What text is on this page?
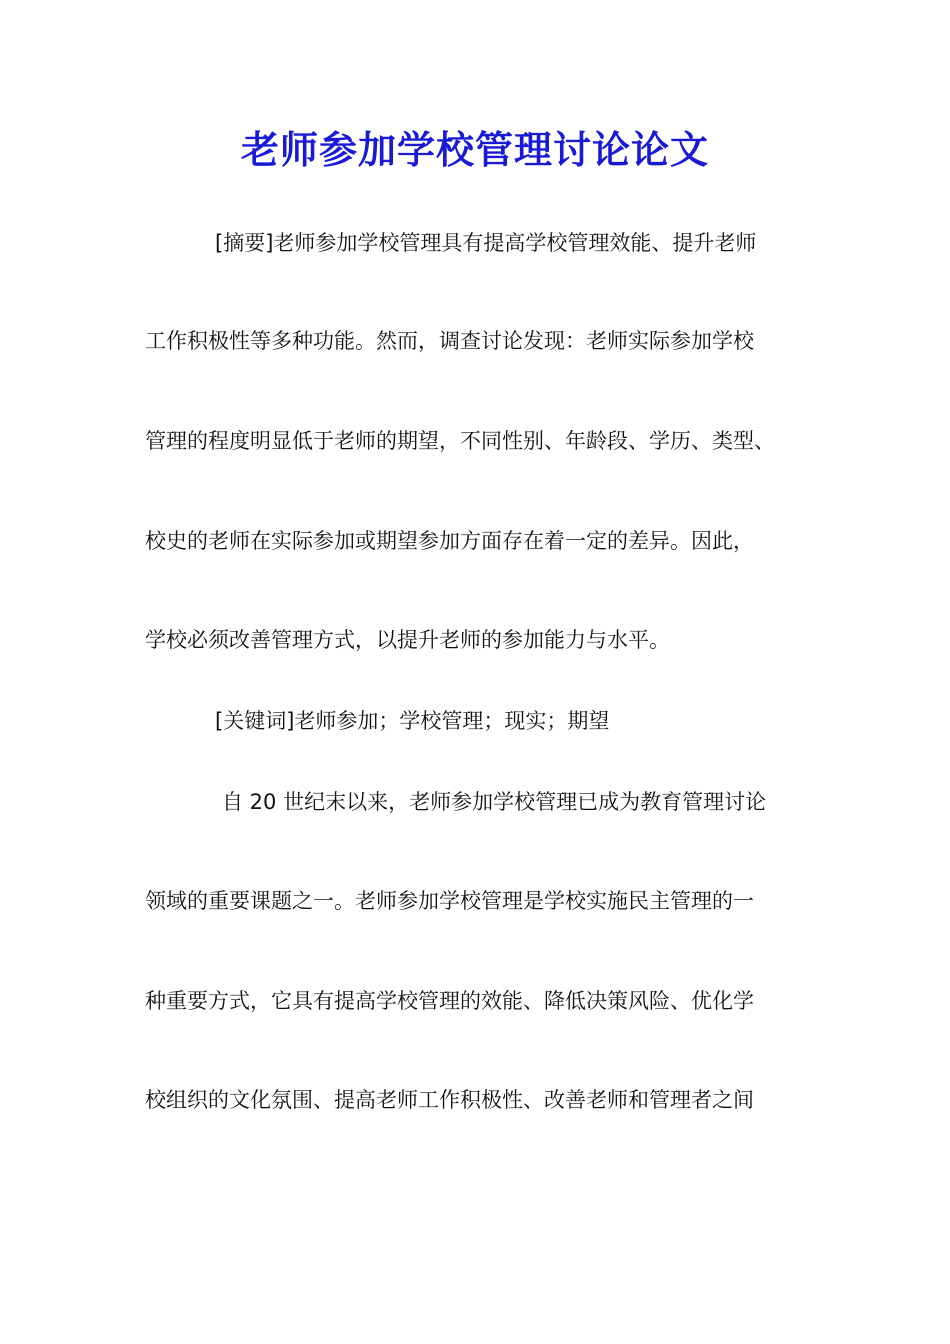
老师参加学校管理讨论论文
[摘要]老师参加学校管理具有提高学校管理效能、提升老师
工作积极性等多种功能。然而，调查讨论发现：老师实际参加学校
管理的程度明显低于老师的期望，不同性别、年龄段、学历、类型、
校史的老师在实际参加或期望参加方面存在着一定的差异。因此，
学校必须改善管理方式，以提升老师的参加能力与水平。
[关键词]老师参加；学校管理；现实；期望
自 20 世纪末以来，老师参加学校管理已成为教育管理讨论
领域的重要课题之一。老师参加学校管理是学校实施民主管理的一
种重要方式，它具有提高学校管理的效能、降低决策风险、优化学
校组织的文化氛围、提高老师工作积极性、改善老师和管理者之间
